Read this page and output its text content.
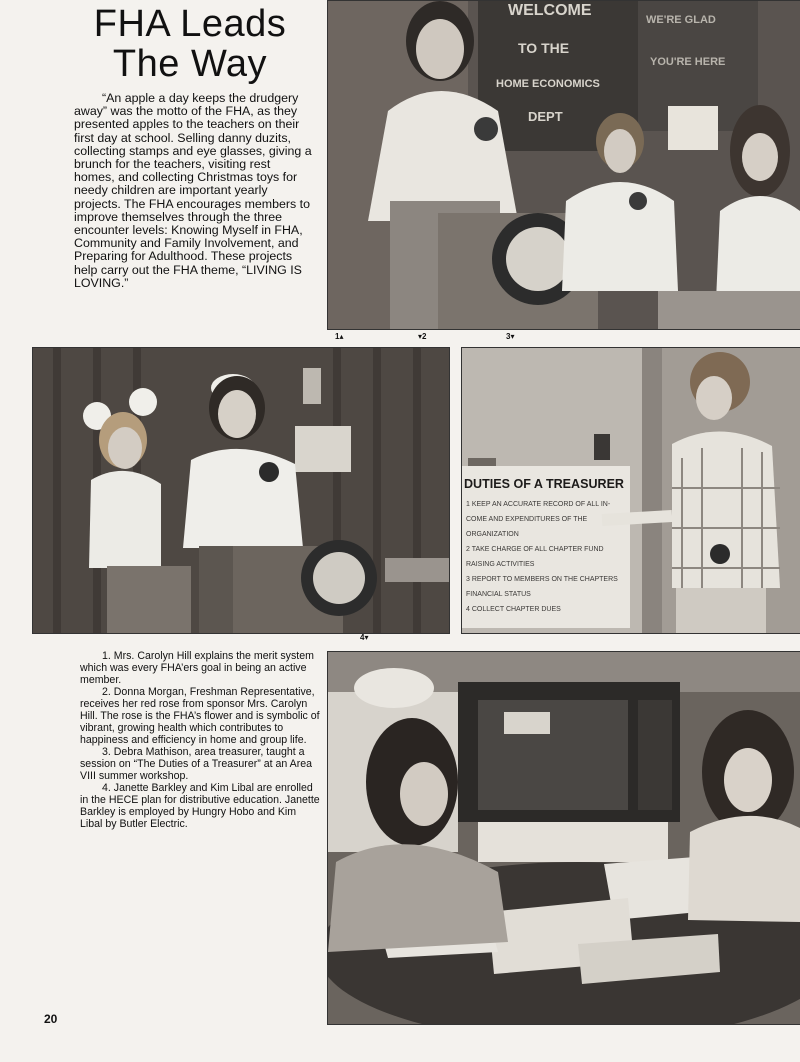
FHA Leads
The Way

“An apple a day keeps the drudgery away” was the motto of the FHA, as they presented apples to the teachers on their first day at school. Selling danny duzits, collecting stamps and eye glasses, giving a brunch for the teachers, visiting rest homes, and collecting Christmas toys for needy children are important yearly projects. The FHA encourages members to improve themselves through the three encounter levels: Knowing Myself in FHA, Community and Family Involvement, and Preparing for Adulthood. These projects help carry out the FHA theme, “LIVING IS LOVING.”

WELCOME
TO THE
HOME ECONOMICS
DEPT
WE'RE GLAD
YOU'RE HERE
1▴	▾2	3▾
4▾
DUTIES OF A TREASURER
1 KEEP AN ACCURATE RECORD OF ALL IN-
COME AND EXPENDITURES OF THE
ORGANIZATION
2 TAKE CHARGE OF ALL CHAPTER FUND
RAISING ACTIVITIES
3 REPORT TO MEMBERS ON THE CHAPTERS
FINANCIAL STATUS
4 COLLECT CHAPTER DUES
1. Mrs. Carolyn Hill explains the merit system which was every FHA’ers goal in being an active member.
2. Donna Morgan, Freshman Representative, receives her red rose from sponsor Mrs. Carolyn Hill. The rose is the FHA’s flower and is symbolic of vibrant, growing health which contributes to happiness and efficiency in home and group life.
3. Debra Mathison, area treasurer, taught a session on “The Duties of a Treasurer” at an Area VIII summer workshop.
4. Janette Barkley and Kim Libal are enrolled in the HECE plan for distributive education. Janette Barkley is employed by Hungry Hobo and Kim Libal by Butler Electric.
20
